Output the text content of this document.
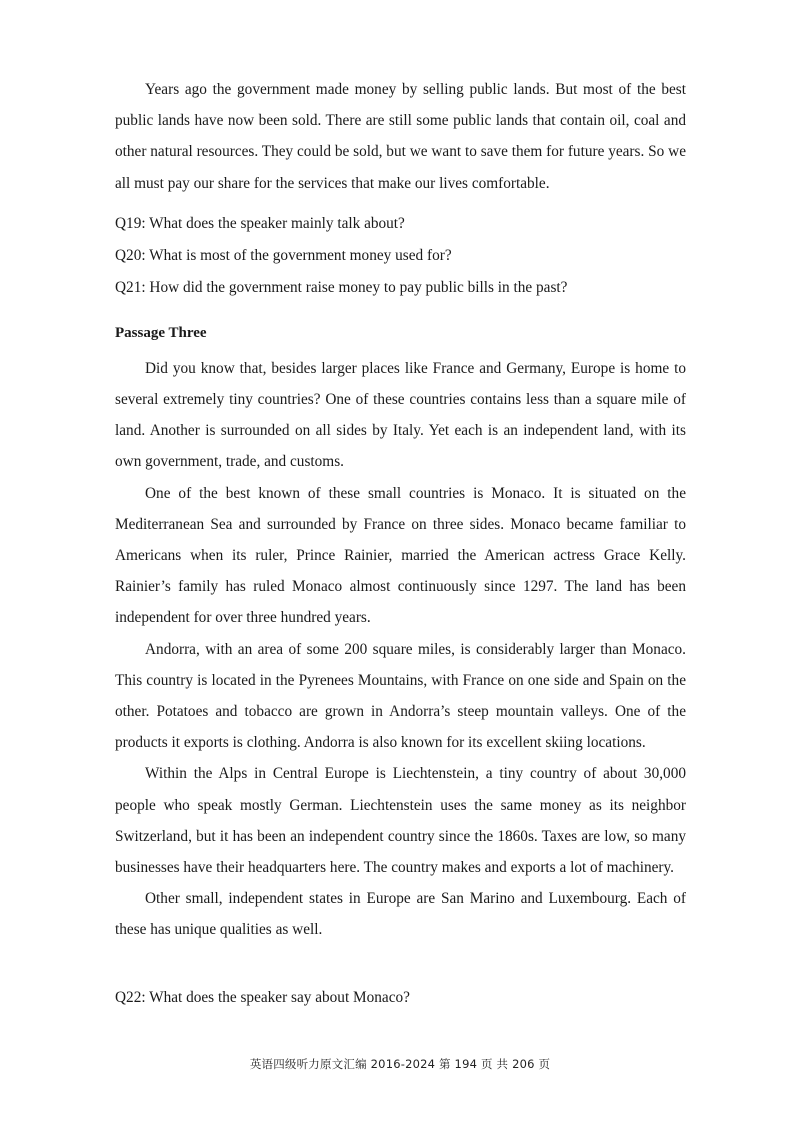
Years ago the government made money by selling public lands. But most of the best public lands have now been sold. There are still some public lands that contain oil, coal and other natural resources. They could be sold, but we want to save them for future years. So we all must pay our share for the services that make our lives comfortable.

Q19: What does the speaker mainly talk about?

Q20: What is most of the government money used for?

Q21: How did the government raise money to pay public bills in the past?

Passage Three

Did you know that, besides larger places like France and Germany, Europe is home to several extremely tiny countries? One of these countries contains less than a square mile of land. Another is surrounded on all sides by Italy. Yet each is an independent land, with its own government, trade, and customs.

One of the best known of these small countries is Monaco. It is situated on the Mediterranean Sea and surrounded by France on three sides. Monaco became familiar to Americans when its ruler, Prince Rainier, married the American actress Grace Kelly. Rainier’s family has ruled Monaco almost continuously since 1297. The land has been independent for over three hundred years.

Andorra, with an area of some 200 square miles, is considerably larger than Monaco. This country is located in the Pyrenees Mountains, with France on one side and Spain on the other. Potatoes and tobacco are grown in Andorra’s steep mountain valleys. One of the products it exports is clothing. Andorra is also known for its excellent skiing locations.

Within the Alps in Central Europe is Liechtenstein, a tiny country of about 30,000 people who speak mostly German. Liechtenstein uses the same money as its neighbor Switzerland, but it has been an independent country since the 1860s. Taxes are low, so many businesses have their headquarters here. The country makes and exports a lot of machinery.

Other small, independent states in Europe are San Marino and Luxembourg. Each of these has unique qualities as well.

Q22: What does the speaker say about Monaco?

英语四级听力原文汇编 2016-2024 第 194 页 共 206 页
